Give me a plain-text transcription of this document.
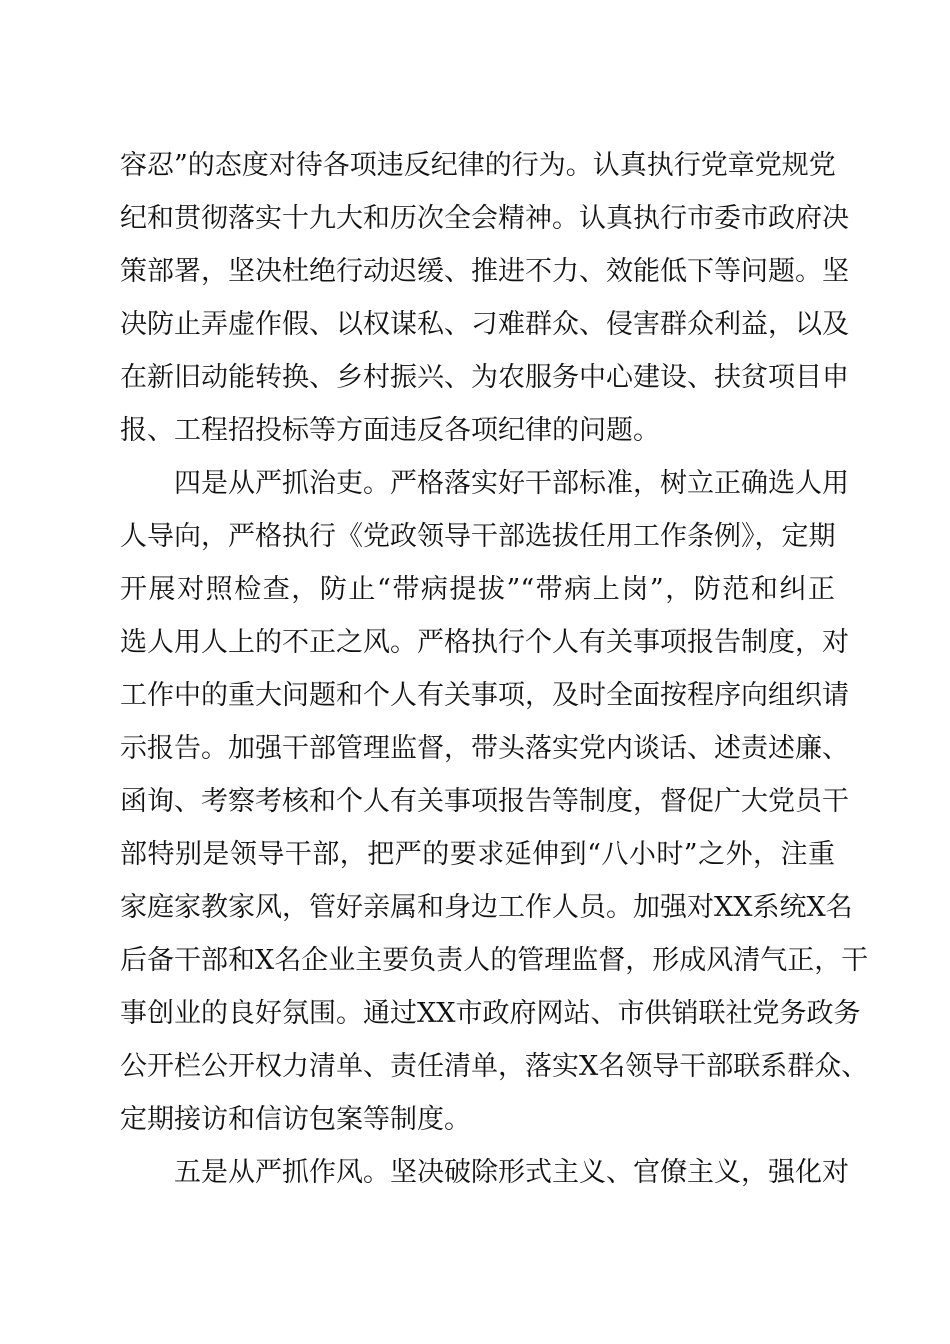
容忍”的态度对待各项违反纪律的行为。认真执行党章党规党
纪和贯彻落实十九大和历次全会精神。认真执行市委市政府决
策部署，坚决杜绝行动迟缓、推进不力、效能低下等问题。坚
决防止弄虚作假、以权谋私、刁难群众、侵害群众利益，以及
在新旧动能转换、乡村振兴、为农服务中心建设、扶贫项目申
报、工程招投标等方面违反各项纪律的问题。
四是从严抓治吏。严格落实好干部标准，树立正确选人用
人导向，严格执行《党政领导干部选拔任用工作条例》，定期
开展对照检查，防止“带病提拔”“带病上岗”，防范和纠正
选人用人上的不正之风。严格执行个人有关事项报告制度，对
工作中的重大问题和个人有关事项，及时全面按程序向组织请
示报告。加强干部管理监督，带头落实党内谈话、述责述廉、
函询、考察考核和个人有关事项报告等制度，督促广大党员干
部特别是领导干部，把严的要求延伸到“八小时”之外，注重
家庭家教家风，管好亲属和身边工作人员。加强对XX系统X名
后备干部和X名企业主要负责人的管理监督，形成风清气正，干
事创业的良好氛围。通过XX市政府网站、市供销联社党务政务
公开栏公开权力清单、责任清单，落实X名领导干部联系群众、
定期接访和信访包案等制度。
五是从严抓作风。坚决破除形式主义、官僚主义，强化对
